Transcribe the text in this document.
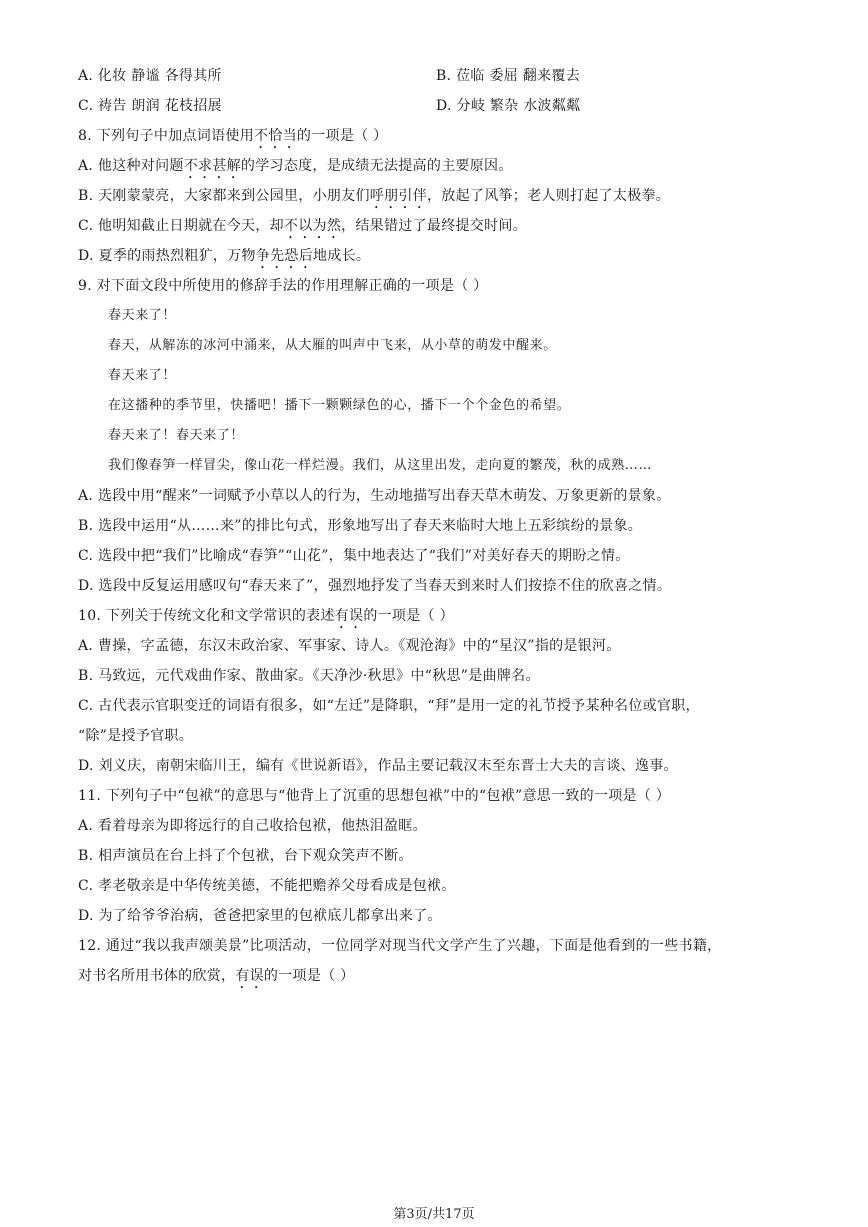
A. 化妆 静谧 各得其所	B. 莅临 委屈 翻来覆去
C. 祷告 朗润 花枝招展	D. 分岐 繁杂 水波粼粼
8. 下列句子中加点词语使用不恰当的一项是（ ）
A. 他这种对问题不求甚解的学习态度，是成绩无法提高的主要原因。
B. 天刚蒙蒙亮，大家都来到公园里，小朋友们呼朋引伴，放起了风筝；老人则打起了太极拳。
C. 他明知截止日期就在今天，却不以为然，结果错过了最终提交时间。
D. 夏季的雨热烈粗犷，万物争先恐后地成长。
9. 对下面文段中所使用的修辞手法的作用理解正确的一项是（ ）
春天来了！
春天，从解冻的冰河中涌来，从大雁的叫声中飞来，从小草的萌发中醒来。
春天来了！
在这播种的季节里，快播吧！播下一颗颗绿色的心，播下一个个金色的希望。
春天来了！春天来了！
我们像春笋一样冒尖，像山花一样烂漫。我们，从这里出发，走向夏的繁茂，秋的成熟……
A. 选段中用“醒来”一词赋予小草以人的行为，生动地描写出春天草木萌发、万象更新的景象。
B. 选段中运用“从……来”的排比句式，形象地写出了春天来临时大地上五彩缤纷的景象。
C. 选段中把“我们”比喻成“春笋”“山花”，集中地表达了“我们”对美好春天的期盼之情。
D. 选段中反复运用感叹句“春天来了”，强烈地抒发了当春天到来时人们按捺不住的欣喜之情。
10. 下列关于传统文化和文学常识的表述有误的一项是（ ）
A. 曹操，字孟德，东汉末政治家、军事家、诗人。《观沧海》中的“星汉”指的是银河。
B. 马致远，元代戏曲作家、散曲家。《天净沙·秋思》中“秋思”是曲牌名。
C. 古代表示官职变迁的词语有很多，如“左迁”是降职，“拜”是用一定的礼节授予某种名位或官职，
“除”是授予官职。
D. 刘义庆，南朝宋临川王，编有《世说新语》，作品主要记载汉末至东晋士大夫的言谈、逸事。
11. 下列句子中“包袱”的意思与“他背上了沉重的思想包袱”中的“包袱”意思一致的一项是（ ）
A. 看着母亲为即将远行的自己收拾包袱，他热泪盈眶。
B. 相声演员在台上抖了个包袱，台下观众笑声不断。
C. 孝老敬亲是中华传统美德，不能把赡养父母看成是包袱。
D. 为了给爷爷治病，爸爸把家里的包袱底儿都拿出来了。
12. 通过“我以我声颂美景”比项活动，一位同学对现当代文学产生了兴趣，下面是他看到的一些书籍，
对书名所用书体的欣赏，有误的一项是（ ）
第3页/共17页
